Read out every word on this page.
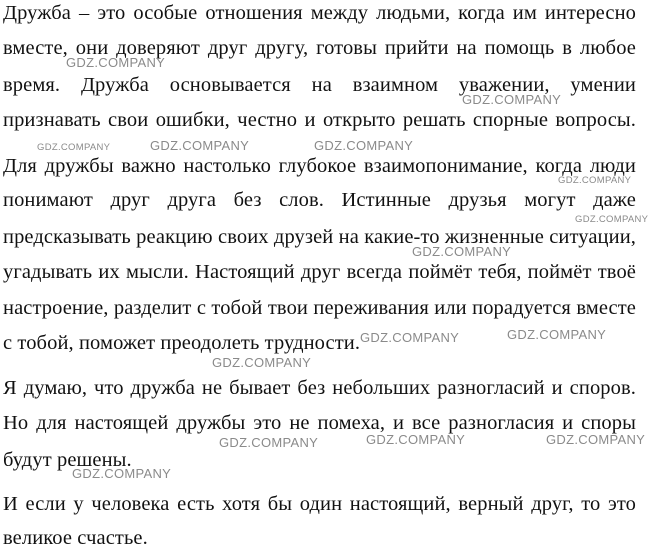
Дружба – это особые отношения между людьми, когда им интересно
вместе, они доверяют друг другу, готовы прийти на помощь в любое
время. Дружба основывается на взаимном уважении, умении
признавать свои ошибки, честно и открыто решать спорные вопросы.
Для дружбы важно настолько глубокое взаимопонимание, когда люди
понимают друг друга без слов. Истинные друзья могут даже
предсказывать реакцию своих друзей на какие-то жизненные ситуации,
угадывать их мысли. Настоящий друг всегда поймёт тебя, поймёт твоё
настроение, разделит с тобой твои переживания или порадуется вместе
с тобой, поможет преодолеть трудности.
Я думаю, что дружба не бывает без небольших разногласий и споров.
Но для настоящей дружбы это не помеха, и все разногласия и споры
будут решены.
И если у человека есть хотя бы один настоящий, верный друг, то это
великое счастье.
GDZ.COMPANY
GDZ.COMPANY
GDZ.COMPANY	GDZ.COMPANY	GDZ.COMPANY
GDZ.COMPANY
GDZ.COMPANY
GDZ.COMPANY
GDZ.COMPANY	GDZ.COMPANY
GDZ.COMPANY
GDZ.COMPANY	GDZ.COMPANY	GDZ.COMPANY
GDZ.COMPANY
